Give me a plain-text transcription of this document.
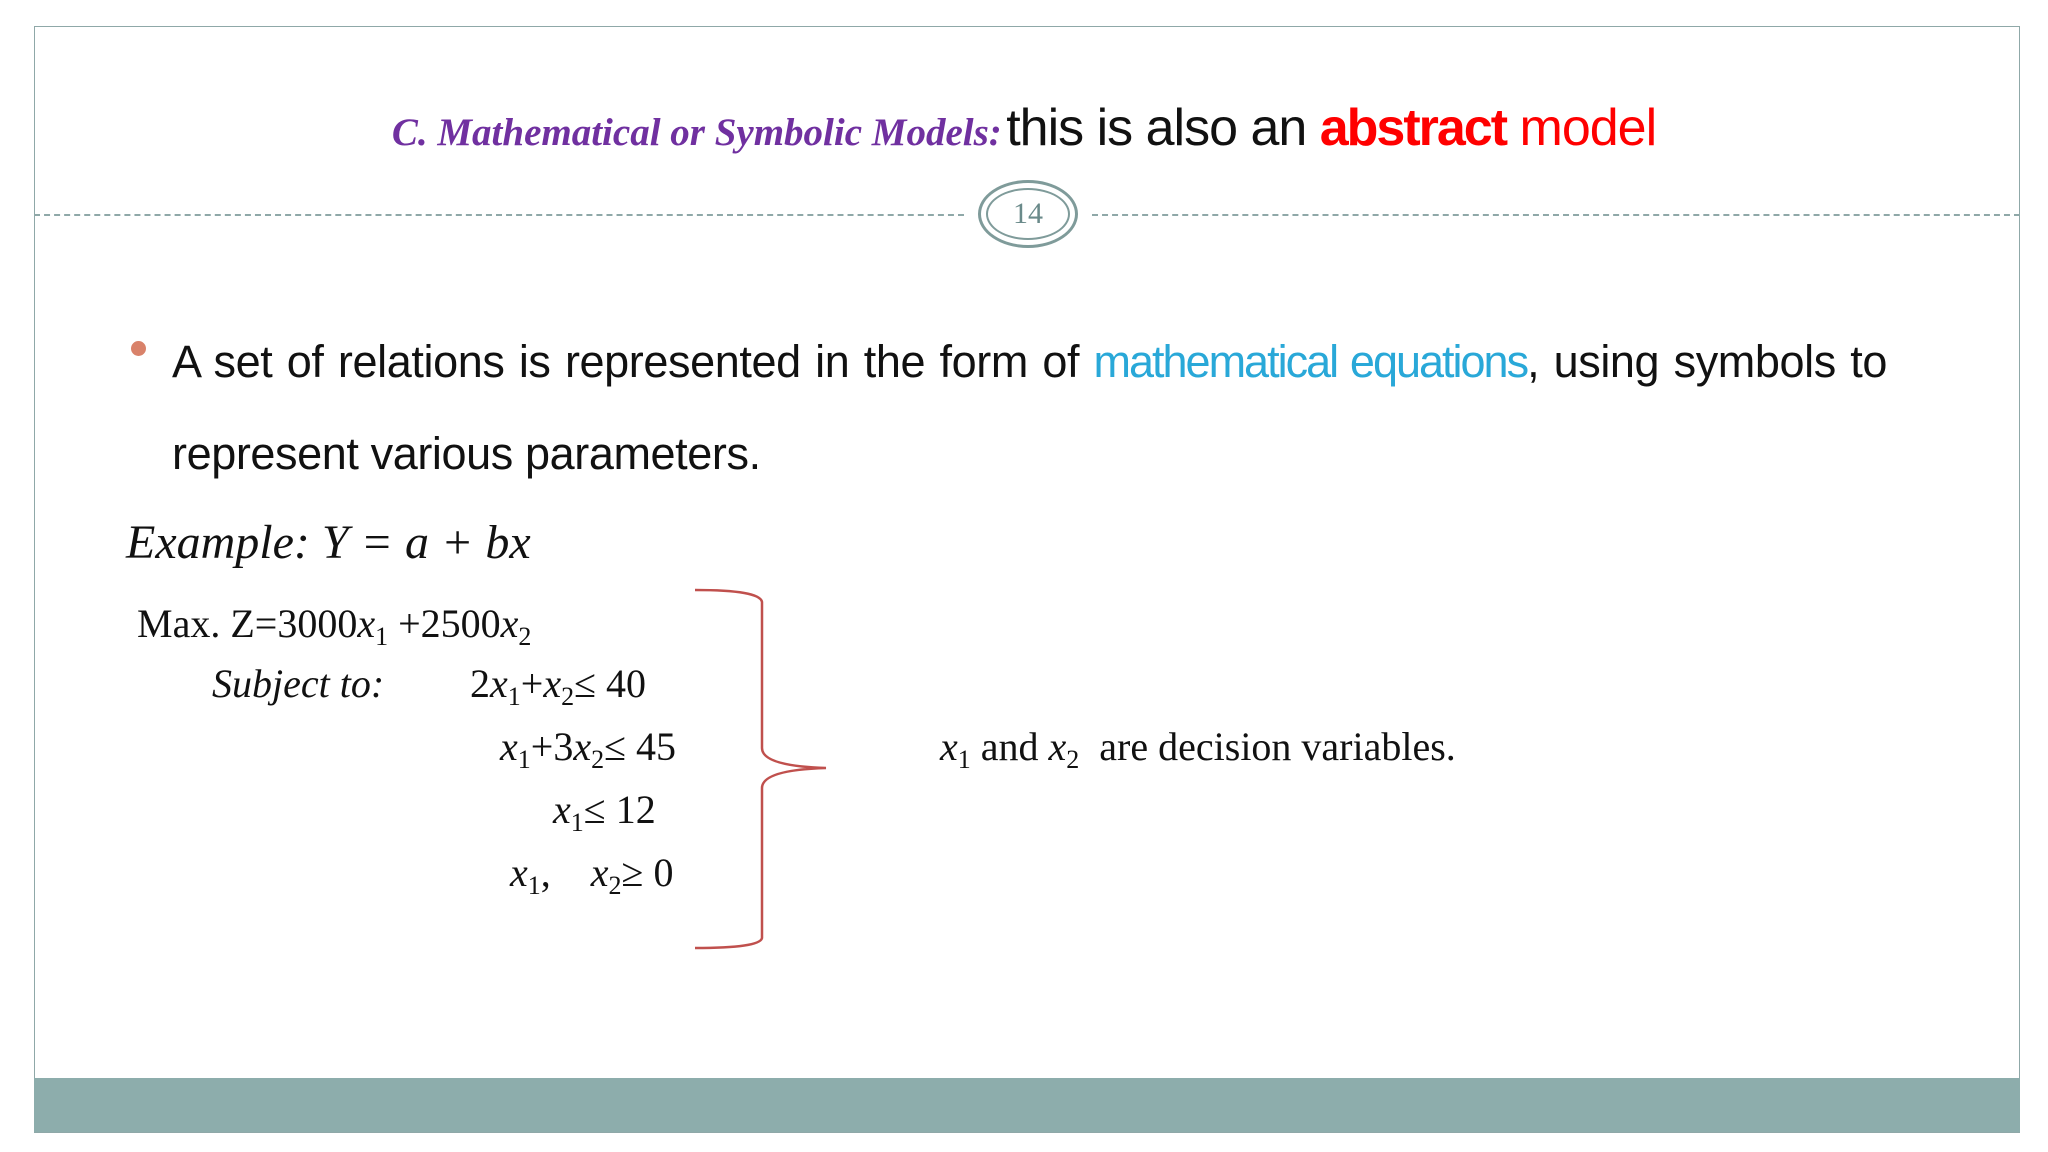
C. Mathematical or Symbolic Models: this is also an abstract model
14
A set of relations is represented in the form of mathematical equations, using symbols to represent various parameters.
Example: Y = a + bx
Max. $Z=3000x_1 +2500x_2$
Subject to: $2x_1+x_2\le 40$
$x_1+3x_2\le 45$
$x_1\le 12$
$x_1$, $x_2\ge 0$
$x_1$ and $x_2$ are decision variables.
